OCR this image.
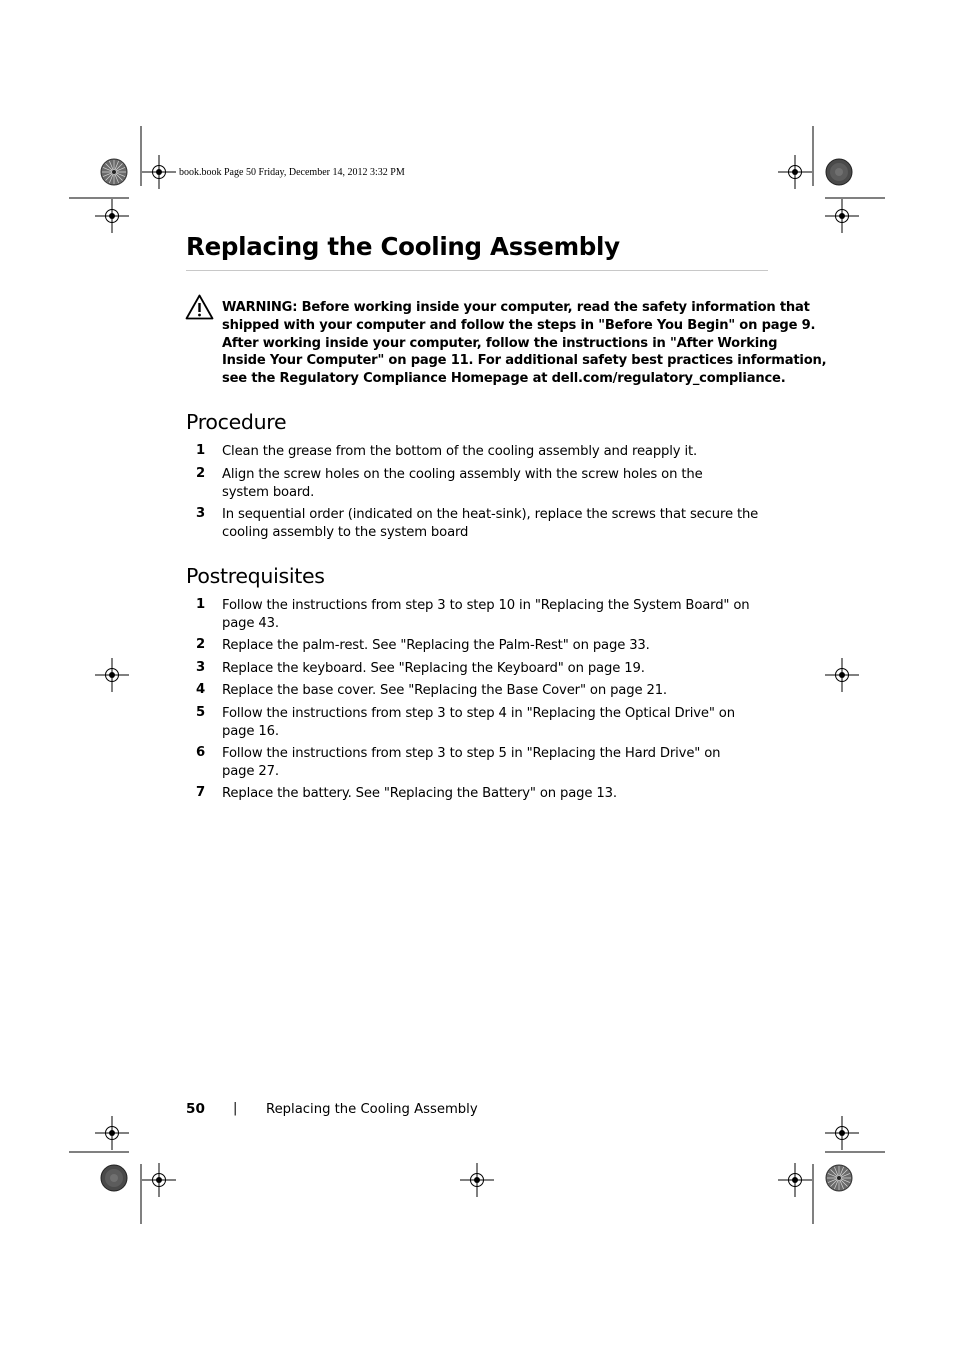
book.book Page 50 Friday, December 14, 2012 3:32 PM
Replacing the Cooling Assembly
WARNING: Before working inside your computer, read the safety information that
shipped with your computer and follow the steps in "Before You Begin" on page 9.
After working inside your computer, follow the instructions in "After Working
Inside Your Computer" on page 11. For additional safety best practices information,
see the Regulatory Compliance Homepage at dell.com/regulatory_compliance.
Procedure
1 Clean the grease from the bottom of the cooling assembly and reapply it.
2 Align the screw holes on the cooling assembly with the screw holes on the
system board.
3 In sequential order (indicated on the heat-sink), replace the screws that secure the
cooling assembly to the system board
Postrequisites
1 Follow the instructions from step 3 to step 10 in "Replacing the System Board" on
page 43.
2 Replace the palm-rest. See "Replacing the Palm-Rest" on page 33.
3 Replace the keyboard. See "Replacing the Keyboard" on page 19.
4 Replace the base cover. See "Replacing the Base Cover" on page 21.
5 Follow the instructions from step 3 to step 4 in "Replacing the Optical Drive" on
page 16.
6 Follow the instructions from step 3 to step 5 in "Replacing the Hard Drive" on
page 27.
7 Replace the battery. See "Replacing the Battery" on page 13.
50 | Replacing the Cooling Assembly
